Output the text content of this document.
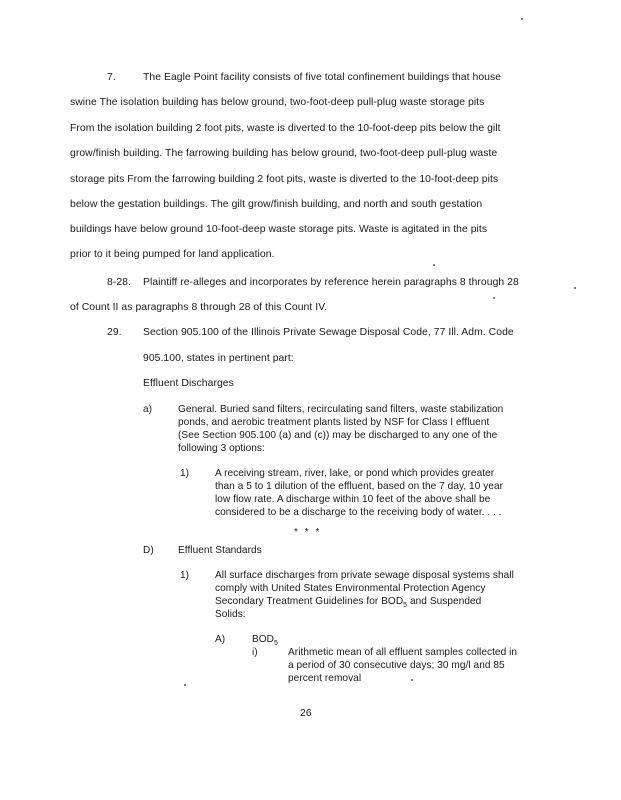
7.	The Eagle Point facility consists of five total confinement buildings that house
swine The isolation building has below ground, two-foot-deep pull-plug waste storage pits
From the isolation building 2 foot pits, waste is diverted to the 10-foot-deep pits below the gilt
grow/finish building. The farrowing building has below ground, two-foot-deep pull-plug waste
storage pits From the farrowing building 2 foot pits, waste is diverted to the 10-foot-deep pits
below the gestation buildings. The gilt grow/finish building, and north and south gestation
buildings have below ground 10-foot-deep waste storage pits. Waste is agitated in the pits
prior to it being pumped for land application.
8-28. Plaintiff re-alleges and incorporates by reference herein paragraphs 8 through 28
of Count II as paragraphs 8 through 28 of this Count IV.
29. Section 905.100 of the Illinois Private Sewage Disposal Code, 77 Ill. Adm. Code
905.100, states in pertinent part:
Effluent Discharges
a)	General. Buried sand filters, recirculating sand filters, waste stabilization
ponds, and aerobic treatment plants listed by NSF for Class I effluent
(See Section 905.100 (a) and (c)) may be discharged to any one of the
following 3 options:
1)	A receiving stream, river, lake, or pond which provides greater
than a 5 to 1 dilution of the effluent, based on the 7 day, 10 year
low flow rate. A discharge within 10 feet of the above shall be
considered to be a discharge to the receiving body of water. . . .
* * *
D) Effluent Standards
1)	All surface discharges from private sewage disposal systems shall
comply with United States Environmental Protection Agency
Secondary Treatment Guidelines for $BOD_5$ and Suspended
Solids:
A)	$BOD_5$
i)	Arithmetic mean of all effluent samples collected in
a period of 30 consecutive days; 30 mg/l and 85
percent removal
26
